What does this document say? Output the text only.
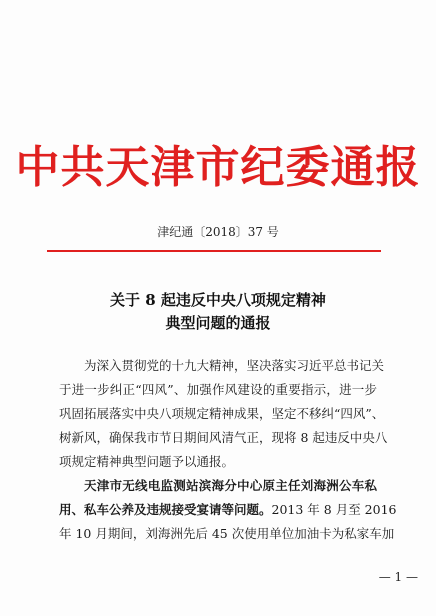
中共天津市纪委通报
津纪通〔2018〕37 号
关于 8 起违反中央八项规定精神
典型问题的通报

为深入贯彻党的十九大精神，坚决落实习近平总书记关

于进一步纠正“四风”、加强作风建设的重要指示，进一步

巩固拓展落实中央八项规定精神成果，坚定不移纠“四风”、

树新风，确保我市节日期间风清气正，现将 8 起违反中央八

项规定精神典型问题予以通报。

天津市无线电监测站滨海分中心原主任刘海洲公车私

用、私车公养及违规接受宴请等问题。2013 年 8 月至 2016

年 10 月期间，刘海洲先后 45 次使用单位加油卡为私家车加

— 1 —
